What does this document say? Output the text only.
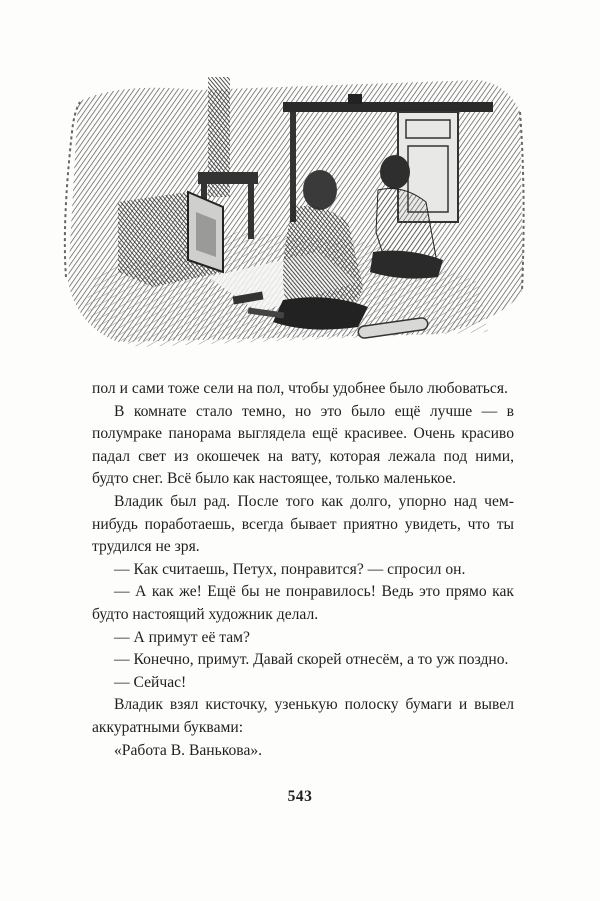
пол и сами тоже сели на пол, чтобы удобнее было любоваться.

В комнате стало темно, но это было ещё лучше — в полумраке панорама выглядела ещё красивее. Очень красиво падал свет из окошечек на вату, которая лежала под ними, будто снег. Всё было как настоящее, только маленькое.

Владик был рад. После того как долго, упорно над чем-нибудь поработаешь, всегда бывает приятно увидеть, что ты трудился не зря.

— Как считаешь, Петух, понравится? — спросил он.

— А как же! Ещё бы не понравилось! Ведь это прямо как будто настоящий художник делал.

— А примут её там?

— Конечно, примут. Давай скорей отнесём, а то уж поздно.

— Сейчас!

Владик взял кисточку, узенькую полоску бумаги и вывел аккуратными буквами:

«Работа В. Ванькова».

543
